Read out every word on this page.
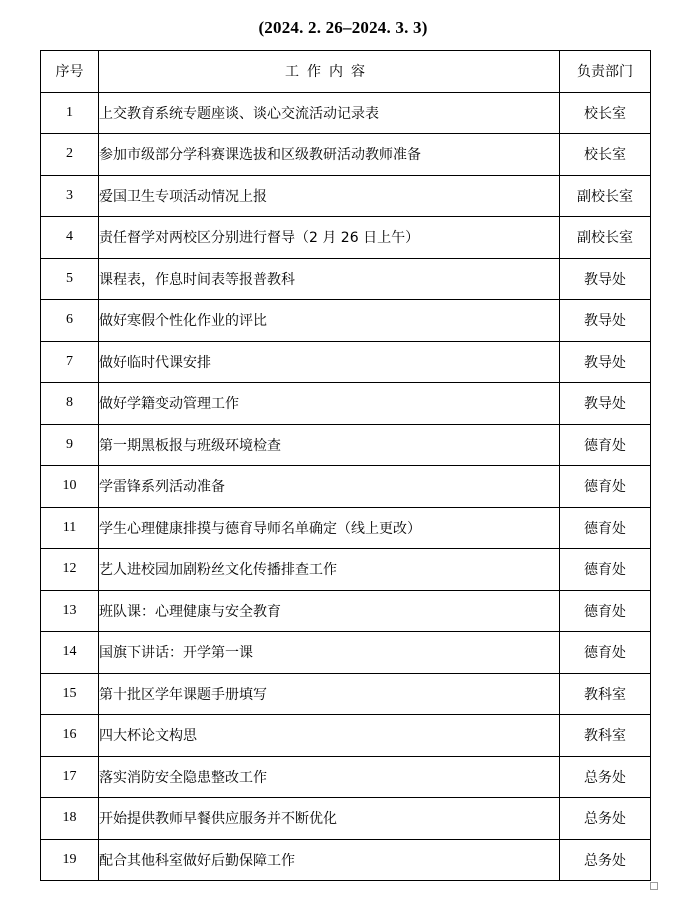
(2024. 2. 26–2024. 3. 3)
序号	工作内容	负责部门
1	上交教育系统专题座谈、谈心交流活动记录表	校长室
2	参加市级部分学科赛课选拔和区级教研活动教师准备	校长室
3	爱国卫生专项活动情况上报	副校长室
4	责任督学对两校区分别进行督导（2 月 26 日上午）	副校长室
5	课程表，作息时间表等报普教科	教导处
6	做好寒假个性化作业的评比	教导处
7	做好临时代课安排	教导处
8	做好学籍变动管理工作	教导处
9	第一期黑板报与班级环境检查	德育处
10	学雷锋系列活动准备	德育处
11	学生心理健康排摸与德育导师名单确定（线上更改）	德育处
12	艺人进校园加剧粉丝文化传播排查工作	德育处
13	班队课：心理健康与安全教育	德育处
14	国旗下讲话：开学第一课	德育处
15	第十批区学年课题手册填写	教科室
16	四大杯论文构思	教科室
17	落实消防安全隐患整改工作	总务处
18	开始提供教师早餐供应服务并不断优化	总务处
19	配合其他科室做好后勤保障工作	总务处
